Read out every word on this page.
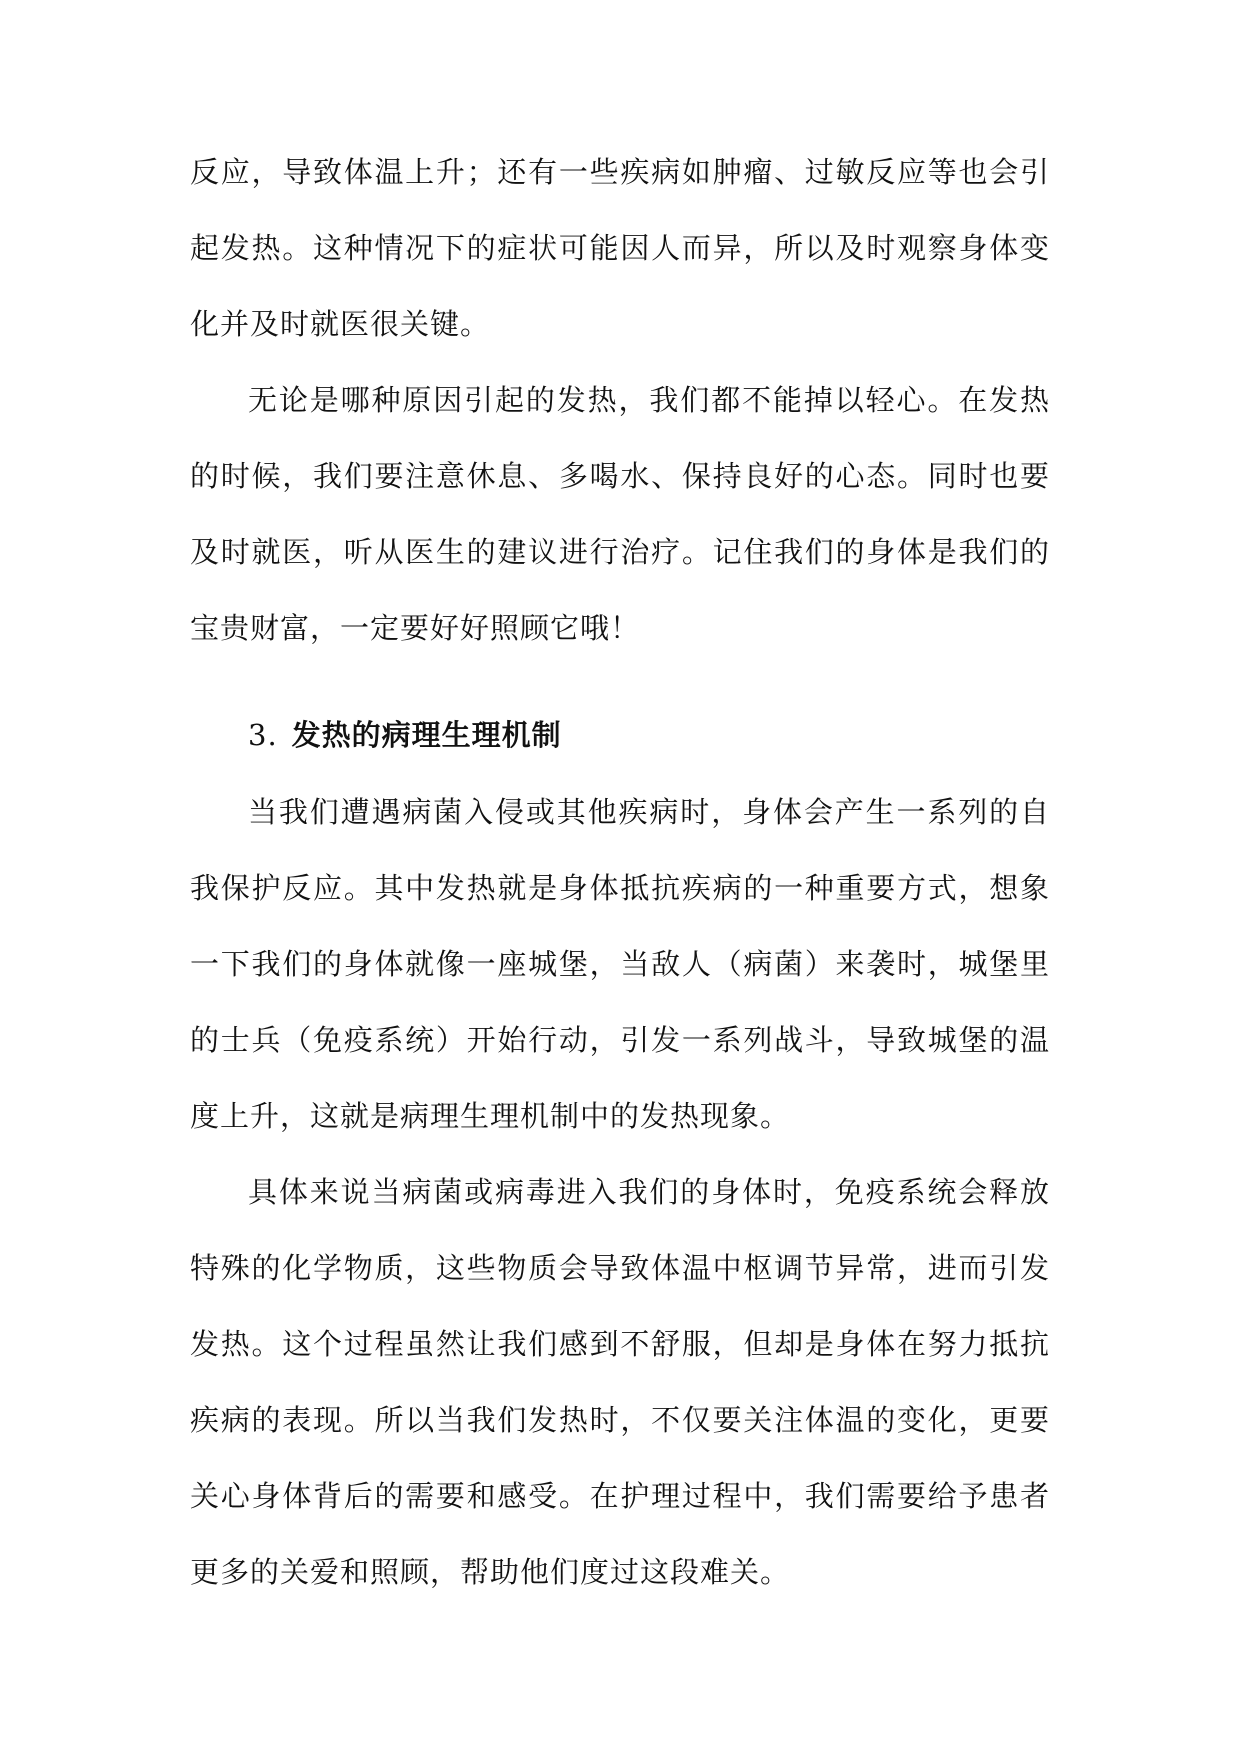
反应，导致体温上升；还有一些疾病如肿瘤、过敏反应等也会引起发热。这种情况下的症状可能因人而异，所以及时观察身体变化并及时就医很关键。

无论是哪种原因引起的发热，我们都不能掉以轻心。在发热的时候，我们要注意休息、多喝水、保持良好的心态。同时也要及时就医，听从医生的建议进行治疗。记住我们的身体是我们的宝贵财富，一定要好好照顾它哦！

3. 发热的病理生理机制

当我们遭遇病菌入侵或其他疾病时，身体会产生一系列的自我保护反应。其中发热就是身体抵抗疾病的一种重要方式，想象一下我们的身体就像一座城堡，当敌人（病菌）来袭时，城堡里的士兵（免疫系统）开始行动，引发一系列战斗，导致城堡的温度上升，这就是病理生理机制中的发热现象。

具体来说当病菌或病毒进入我们的身体时，免疫系统会释放特殊的化学物质，这些物质会导致体温中枢调节异常，进而引发发热。这个过程虽然让我们感到不舒服，但却是身体在努力抵抗疾病的表现。所以当我们发热时，不仅要关注体温的变化，更要关心身体背后的需要和感受。在护理过程中，我们需要给予患者更多的关爱和照顾，帮助他们度过这段难关。
